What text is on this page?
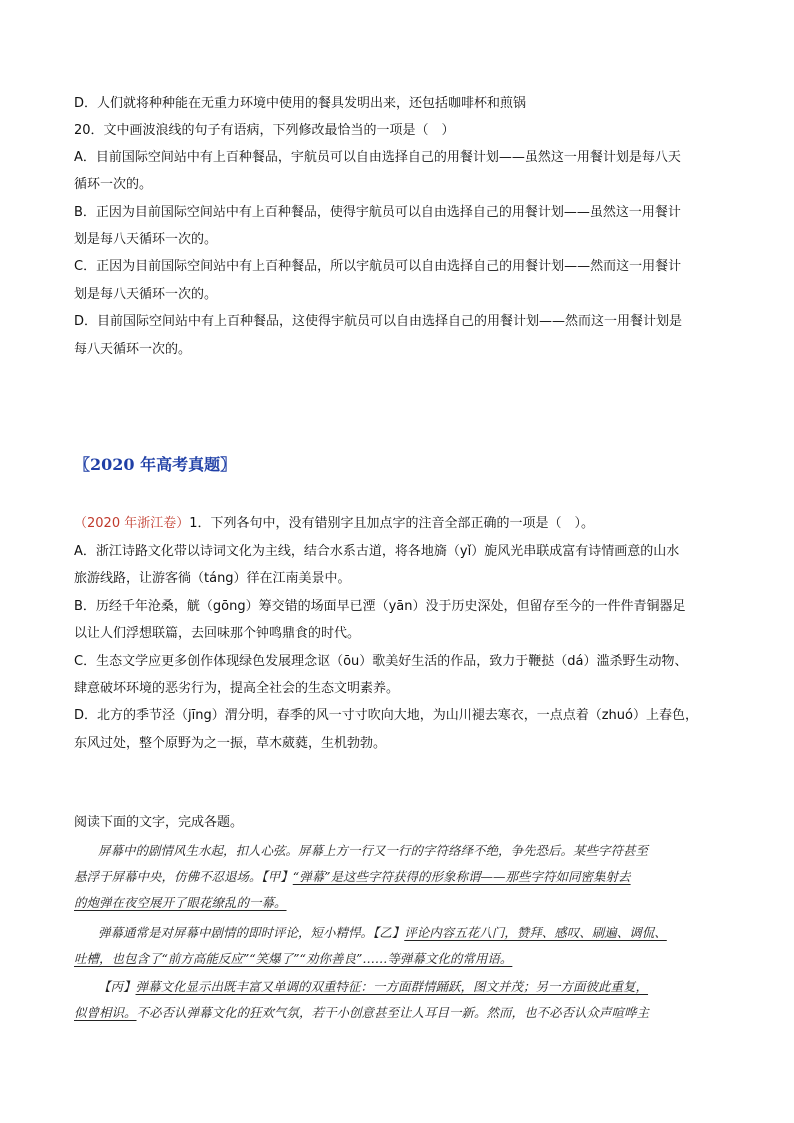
D．人们就将种种能在无重力环境中使用的餐具发明出来，还包括咖啡杯和煎锅
20．文中画波浪线的句子有语病，下列修改最恰当的一项是（　）
A．目前国际空间站中有上百种餐品，宇航员可以自由选择自己的用餐计划——虽然这一用餐计划是每八天
循环一次的。
B．正因为目前国际空间站中有上百种餐品，使得宇航员可以自由选择自己的用餐计划——虽然这一用餐计
划是每八天循环一次的。
C．正因为目前国际空间站中有上百种餐品，所以宇航员可以自由选择自己的用餐计划——然而这一用餐计
划是每八天循环一次的。
D．目前国际空间站中有上百种餐品，这使得宇航员可以自由选择自己的用餐计划——然而这一用餐计划是
每八天循环一次的。
〖2020 年高考真题〗
（2020 年浙江卷）1．下列各句中，没有错别字且加点字的注音全部正确的一项是（　）。
A．浙江诗路文化带以诗词文化为主线，结合水系古道，将各地旖（yǐ）旎风光串联成富有诗情画意的山水
旅游线路，让游客徜（táng）徉在江南美景中。
B．历经千年沧桑，觥（gōng）筹交错的场面早已湮（yān）没于历史深处，但留存至今的一件件青铜器足
以让人们浮想联篇，去回味那个钟鸣鼎食的时代。
C．生态文学应更多创作体现绿色发展理念讴（ōu）歌美好生活的作品，致力于鞭挞（dá）滥杀野生动物、
肆意破坏环境的恶劣行为，提高全社会的生态文明素养。
D．北方的季节泾（jīng）渭分明，春季的风一寸寸吹向大地，为山川褪去寒衣，一点点着（zhuó）上春色，
东风过处，整个原野为之一振，草木葳蕤，生机勃勃。
阅读下面的文字，完成各题。
屏幕中的剧情风生水起，扣人心弦。屏幕上方一行又一行的字符络绎不绝，争先恐后。某些字符甚至
悬浮于屏幕中央，仿佛不忍退场。【甲】“弹幕”是这些字符获得的形象称谓——那些字符如同密集射去
的炮弹在夜空展开了眼花缭乱的一幕。
弹幕通常是对屏幕中剧情的即时评论，短小精悍。【乙】评论内容五花八门，赞拜、感叹、刷遍、调侃、
吐槽，也包含了“前方高能反应”“笑爆了”“劝你善良”……等弹幕文化的常用语。
【丙】弹幕文化显示出既丰富又单调的双重特征：一方面群情踊跃，图文并茂；另一方面彼此重复，
似曾相识。不必否认弹幕文化的狂欢气氛，若干小创意甚至让人耳目一新。然而，也不必否认众声喧哗主
